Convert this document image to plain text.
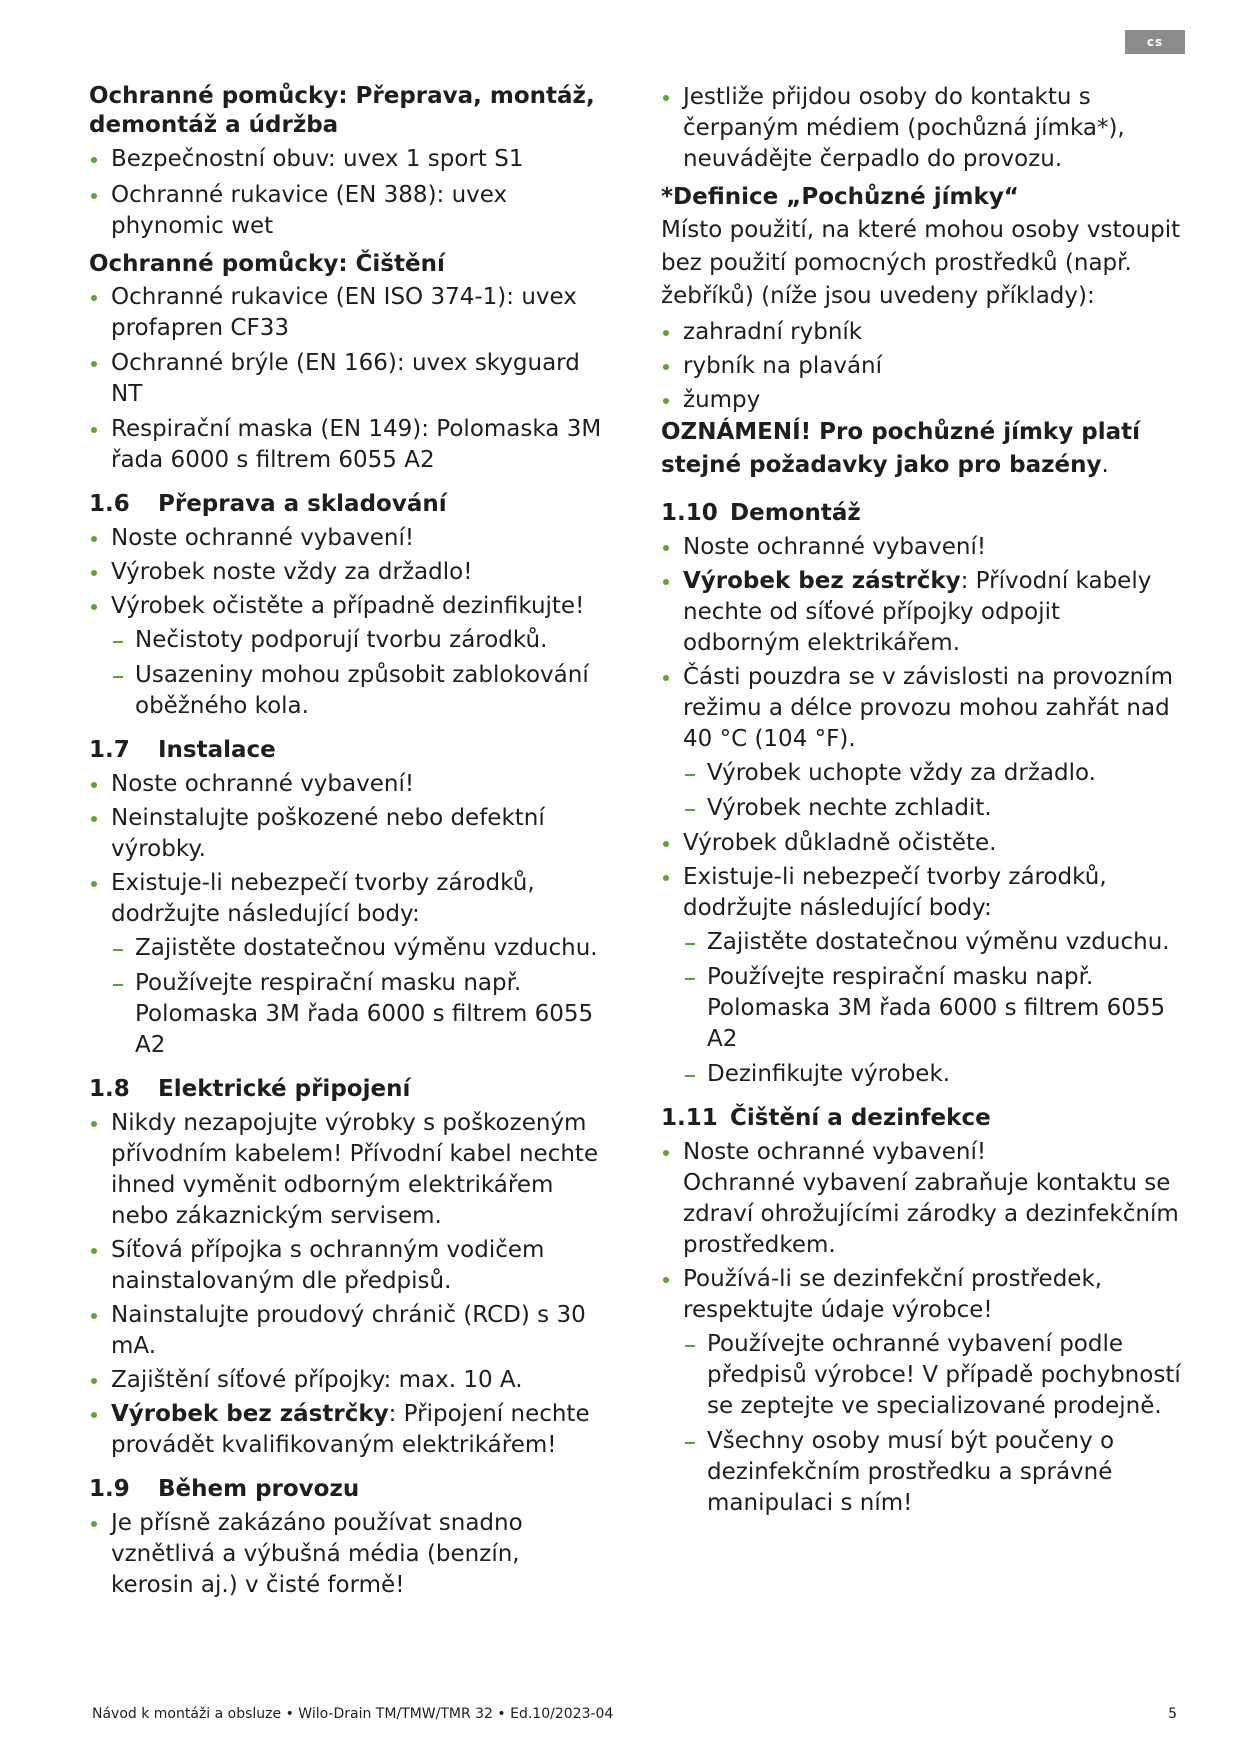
cs

Ochranné pomůcky: Přeprava, montáž, demontáž a údržba

Bezpečnostní obuv: uvex 1 sport S1
Ochranné rukavice (EN 388): uvex phynomic wet

Ochranné pomůcky: Čištění

Ochranné rukavice (EN ISO 374-1): uvex profapren CF33
Ochranné brýle (EN 166): uvex skyguard NT
Respirační maska (EN 149): Polomaska 3M řada 6000 s filtrem 6055 A2

1.6	Přeprava a skladování

Noste ochranné vybavení!
Výrobek noste vždy za držadlo!
Výrobek očistěte a případně dezinfikujte!
Nečistoty podporují tvorbu zárodků.
Usazeniny mohou způsobit zablokování oběžného kola.

1.7	Instalace

Noste ochranné vybavení!
Neinstalujte poškozené nebo defektní výrobky.
Existuje-li nebezpečí tvorby zárodků, dodržujte následující body:
Zajistěte dostatečnou výměnu vzduchu.
Používejte respirační masku např. Polomaska 3M řada 6000 s filtrem 6055 A2

1.8	Elektrické připojení

Nikdy nezapojujte výrobky s poškozeným přívodním kabelem! Přívodní kabel nechte ihned vyměnit odborným elektrikářem nebo zákaznickým servisem.
Síťová přípojka s ochranným vodičem nainstalovaným dle předpisů.
Nainstalujte proudový chránič (RCD) s 30 mA.
Zajištění síťové přípojky: max. 10 A.
Výrobek bez zástrčky: Připojení nechte provádět kvalifikovaným elektrikářem!

1.9	Během provozu

Je přísně zakázáno používat snadno vznětlivá a výbušná média (benzín, kerosin aj.) v čisté formě!
Jestliže přijdou osoby do kontaktu s čerpaným médiem (pochůzná jímka*), neuvádějte čerpadlo do provozu.

*Definice „Pochůzné jímky“

Místo použití, na které mohou osoby vstoupit bez použití pomocných prostředků (např. žebříků) (níže jsou uvedeny příklady):

zahradní rybník
rybník na plavání
žumpy

OZNÁMENÍ! Pro pochůzné jímky platí stejné požadavky jako pro bazény.

1.10 Demontáž

Noste ochranné vybavení!
Výrobek bez zástrčky: Přívodní kabely nechte od síťové přípojky odpojit odborným elektrikářem.
Části pouzdra se v závislosti na provozním režimu a délce provozu mohou zahřát nad 40 °C (104 °F).
Výrobek uchopte vždy za držadlo.
Výrobek nechte zchladit.
Výrobek důkladně očistěte.
Existuje-li nebezpečí tvorby zárodků, dodržujte následující body:
Zajistěte dostatečnou výměnu vzduchu.
Používejte respirační masku např. Polomaska 3M řada 6000 s filtrem 6055 A2
Dezinfikujte výrobek.

1.11 Čištění a dezinfekce

Noste ochranné vybavení!
Ochranné vybavení zabraňuje kontaktu se zdraví ohrožujícími zárodky a dezinfekčním prostředkem.
Používá-li se dezinfekční prostředek, respektujte údaje výrobce!
Používejte ochranné vybavení podle předpisů výrobce! V případě pochybností se zeptejte ve specializované prodejně.
Všechny osoby musí být poučeny o dezinfekčním prostředku a správné manipulaci s ním!
Návod k montáži a obsluze • Wilo-Drain TM/TMW/TMR 32 • Ed.10/2023-04	5
